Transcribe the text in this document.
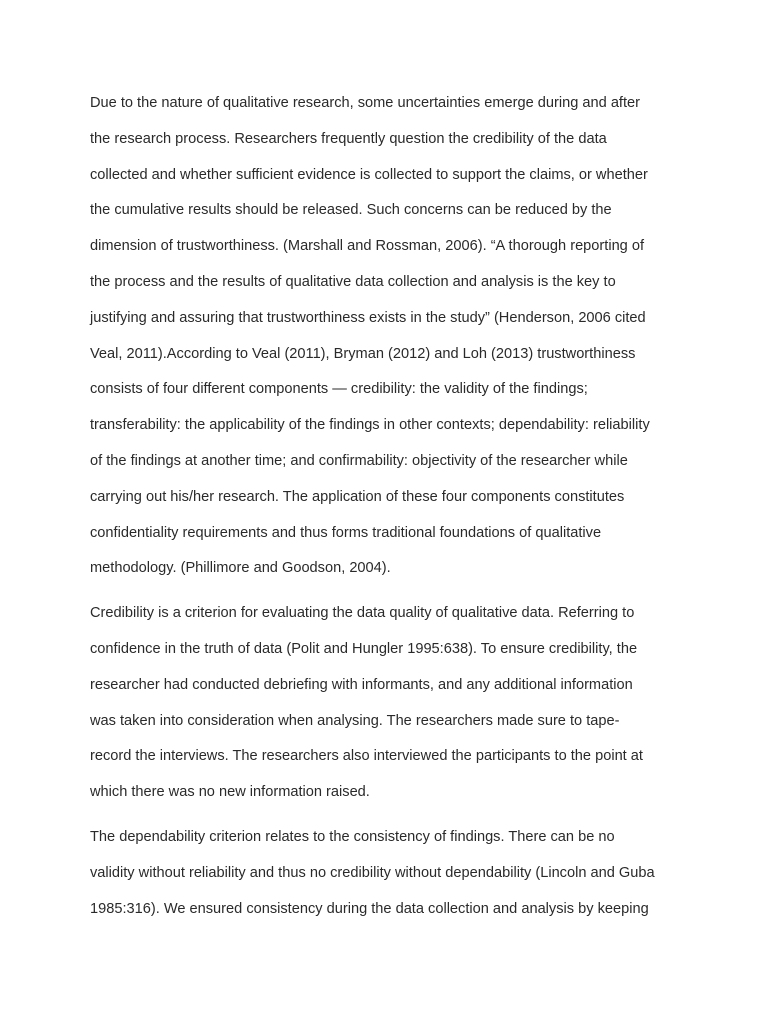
Due to the nature of qualitative research, some uncertainties emerge during and after
the research process. Researchers frequently question the credibility of the data
collected and whether sufficient evidence is collected to support the claims, or whether
the cumulative results should be released. Such concerns can be reduced by the
dimension of trustworthiness. (Marshall and Rossman, 2006). “A thorough reporting of
the process and the results of qualitative data collection and analysis is the key to
justifying and assuring that trustworthiness exists in the study” (Henderson, 2006 cited
Veal, 2011).According to Veal (2011), Bryman (2012) and Loh (2013) trustworthiness
consists of four different components — credibility: the validity of the findings;
transferability: the applicability of the findings in other contexts; dependability: reliability
of the findings at another time; and confirmability: objectivity of the researcher while
carrying out his/her research. The application of these four components constitutes
confidentiality requirements and thus forms traditional foundations of qualitative
methodology. (Phillimore and Goodson, 2004).
Credibility is a criterion for evaluating the data quality of qualitative data. Referring to
confidence in the truth of data (Polit and Hungler 1995:638). To ensure credibility, the
researcher had conducted debriefing with informants, and any additional information
was taken into consideration when analysing. The researchers made sure to tape-
record the interviews. The researchers also interviewed the participants to the point at
which there was no new information raised.
The dependability criterion relates to the consistency of findings. There can be no
validity without reliability and thus no credibility without dependability (Lincoln and Guba
1985:316). We ensured consistency during the data collection and analysis by keeping
